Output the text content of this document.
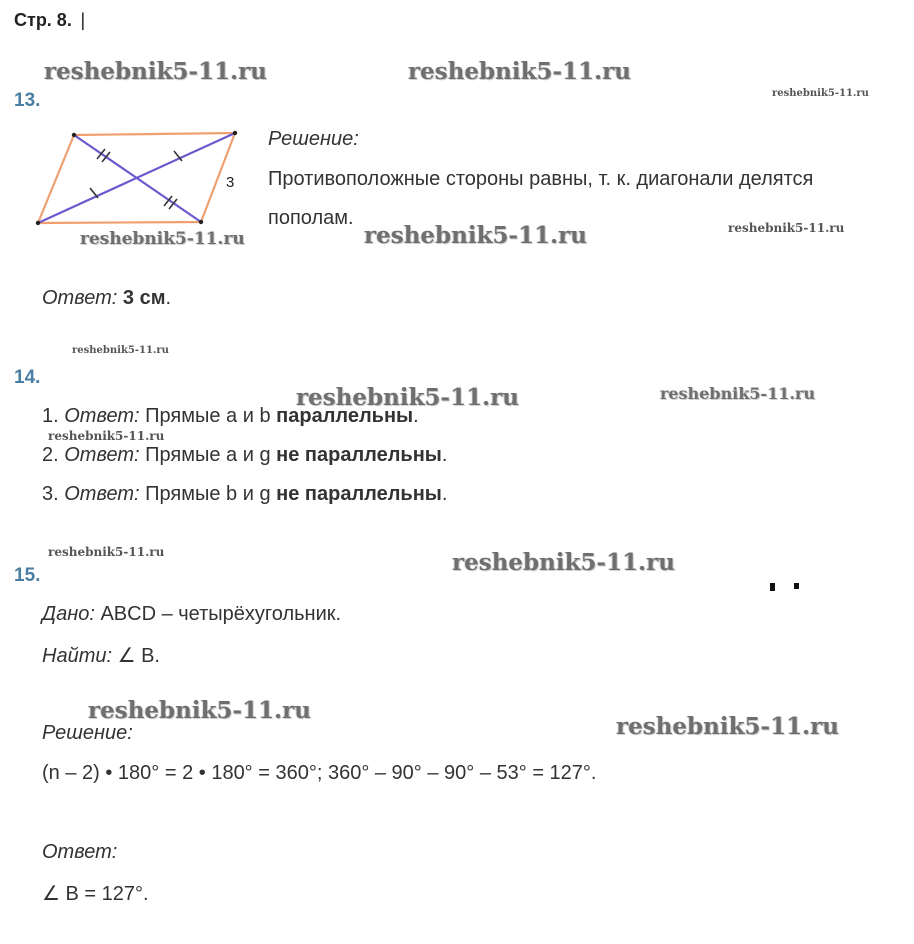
Стр. 8.  |
reshebnik5-11.ru	reshebnik5-11.ru
reshebnik5-11.ru
reshebnik5-11.ru	reshebnik5-11.ru	reshebnik5-11.ru
reshebnik5-11.ru
reshebnik5-11.ru	reshebnik5-11.ru
reshebnik5-11.ru
reshebnik5-11.ru	reshebnik5-11.ru
reshebnik5-11.ru
reshebnik5-11.ru
13.
3
Решение:
Противоположные стороны равны, т. к. диагонали делятся
пополам.
Ответ: 3 см.
14.
1. Ответ: Прямые a и b параллельны.
2. Ответ: Прямые a и g не параллельны.
3. Ответ: Прямые b и g не параллельны.
15.
Дано: ABCD – четырёхугольник.
Найти: ∠ B.
Решение:
(n – 2) • 180° = 2 • 180° = 360°; 360° – 90° – 90° – 53° = 127°.
Ответ:
∠ B = 127°.
